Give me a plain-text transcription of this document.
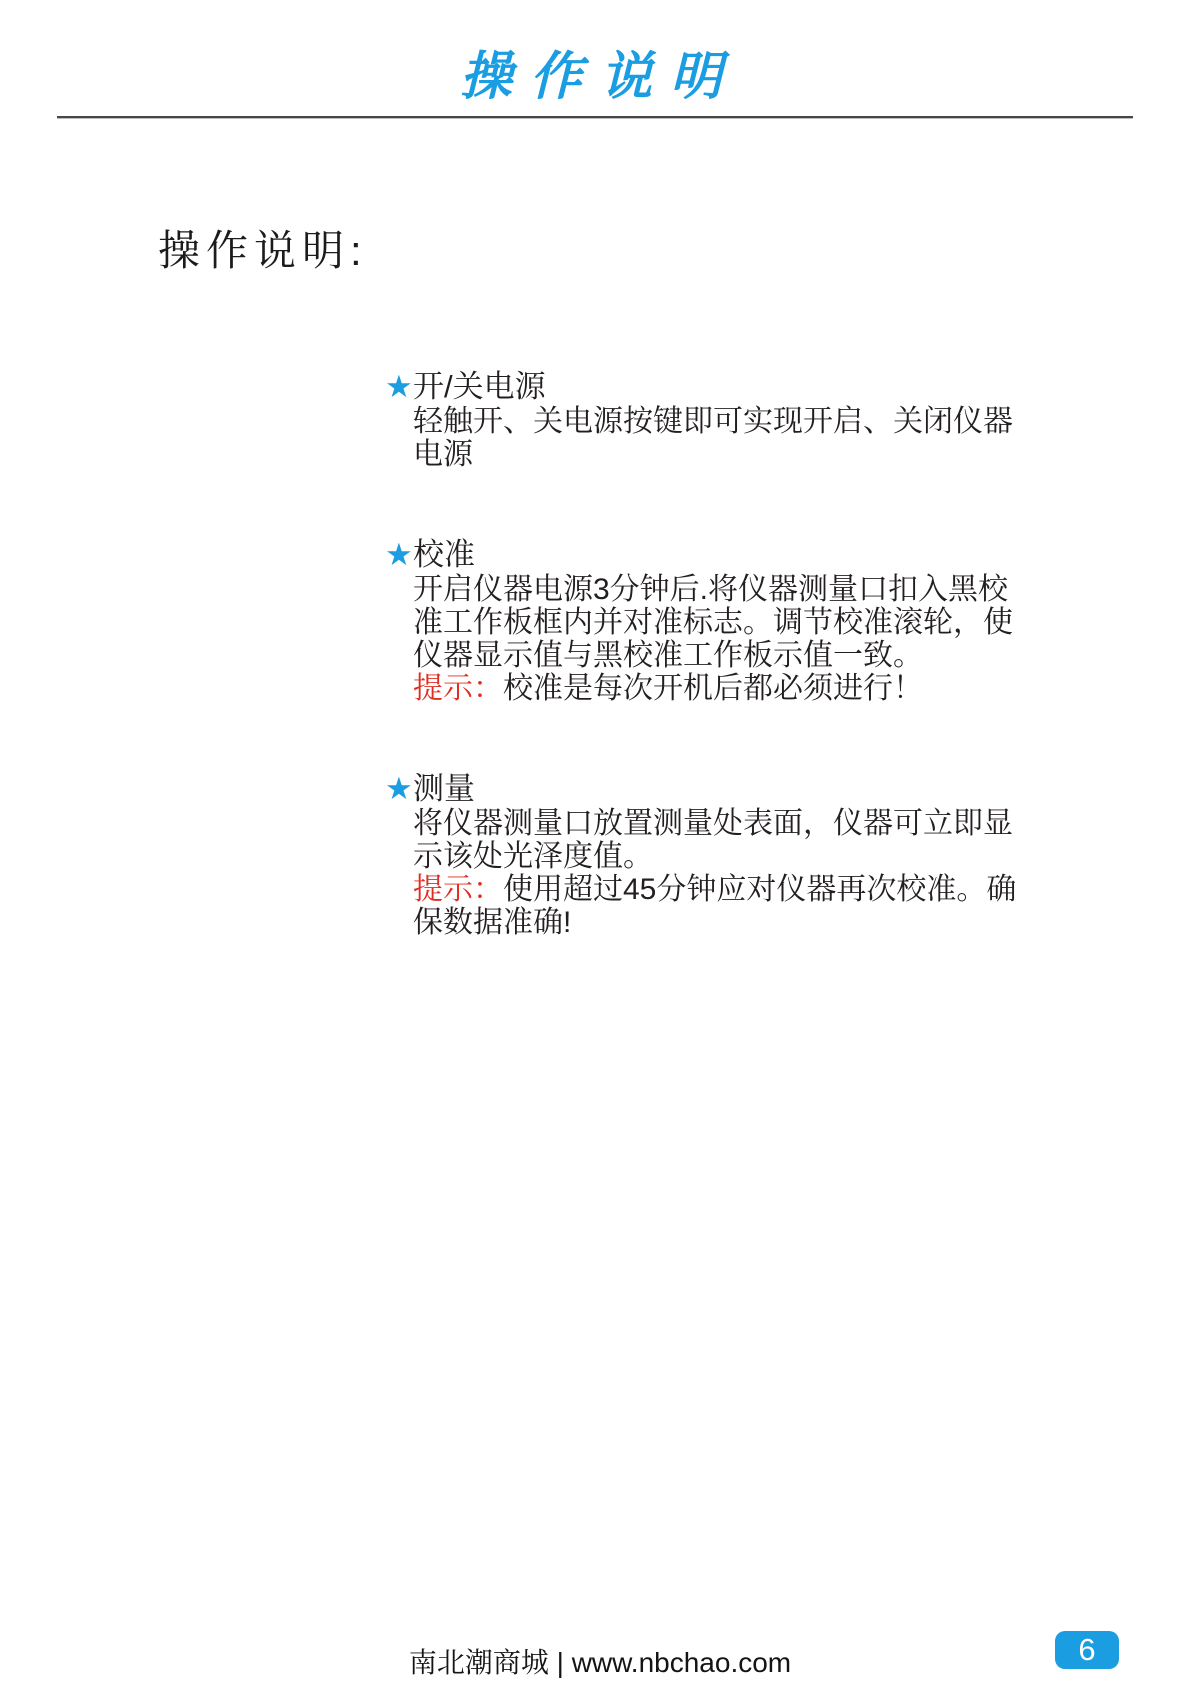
操作说明
操作说明:
★ 开/关电源
轻触开、关电源按键即可实现开启、关闭仪器
电源
★ 校准
开启仪器电源3分钟后.将仪器测量口扣入黑校
准工作板框内并对准标志。调节校准滚轮，使
仪器显示值与黑校准工作板示值一致。
提示：校准是每次开机后都必须进行！
★ 测量
将仪器测量口放置测量处表面，仪器可立即显
示该处光泽度值。
提示：使用超过45分钟应对仪器再次校准。确
保数据准确!
南北潮商城 | www.nbchao.com	6
